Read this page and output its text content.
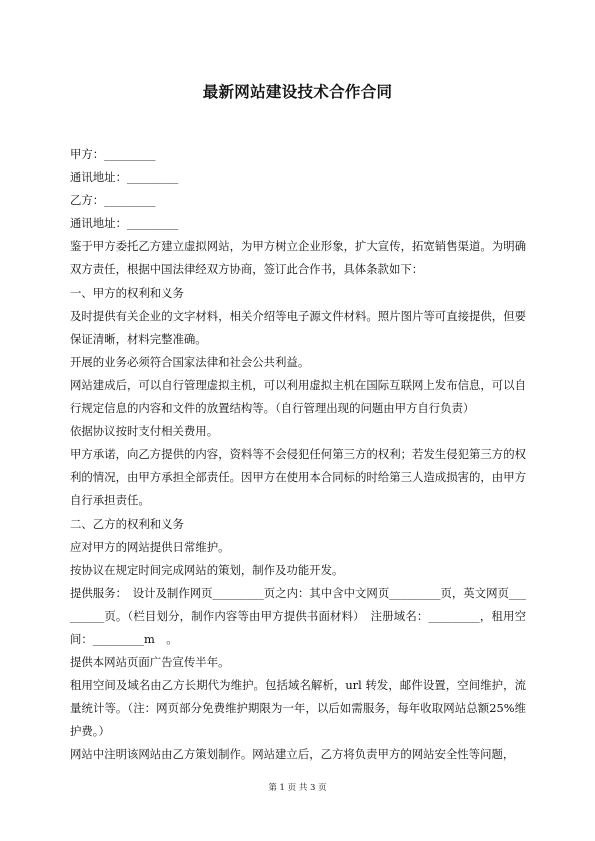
最新网站建设技术合作合同

甲方：_________

通讯地址：_________

乙方：_________

通讯地址：_________

鉴于甲方委托乙方建立虚拟网站，为甲方树立企业形象，扩大宣传，拓宽销售渠道。为明确双方责任，根据中国法律经双方协商，签订此合作书，具体条款如下：

一、甲方的权利和义务

及时提供有关企业的文字材料，相关介绍等电子源文件材料。照片图片等可直接提供，但要保证清晰，材料完整准确。

开展的业务必须符合国家法律和社会公共利益。

网站建成后，可以自行管理虚拟主机，可以利用虚拟主机在国际互联网上发布信息，可以自行规定信息的内容和文件的放置结构等。（自行管理出现的问题由甲方自行负责）

依据协议按时支付相关费用。

甲方承诺，向乙方提供的内容，资料等不会侵犯任何第三方的权利；若发生侵犯第三方的权利的情况，由甲方承担全部责任。因甲方在使用本合同标的时给第三人造成损害的，由甲方自行承担责任。

二、乙方的权利和义务

应对甲方的网站提供日常维护。

按协议在规定时间完成网站的策划，制作及功能开发。

提供服务：　设计及制作网页_________页之内：其中含中文网页_________页，英文网页_________页。（栏目划分，制作内容等由甲方提供书面材料）　注册域名：_________，租用空间：_________m　。

提供本网站页面广告宣传半年。

租用空间及域名由乙方长期代为维护。包括域名解析，url 转发，邮件设置，空间维护，流量统计等。（注：网页部分免费维护期限为一年，以后如需服务，每年收取网站总额25%维护费。）

网站中注明该网站由乙方策划制作。网站建立后，乙方将负责甲方的网站安全性等问题，

第 1 页 共 3 页
